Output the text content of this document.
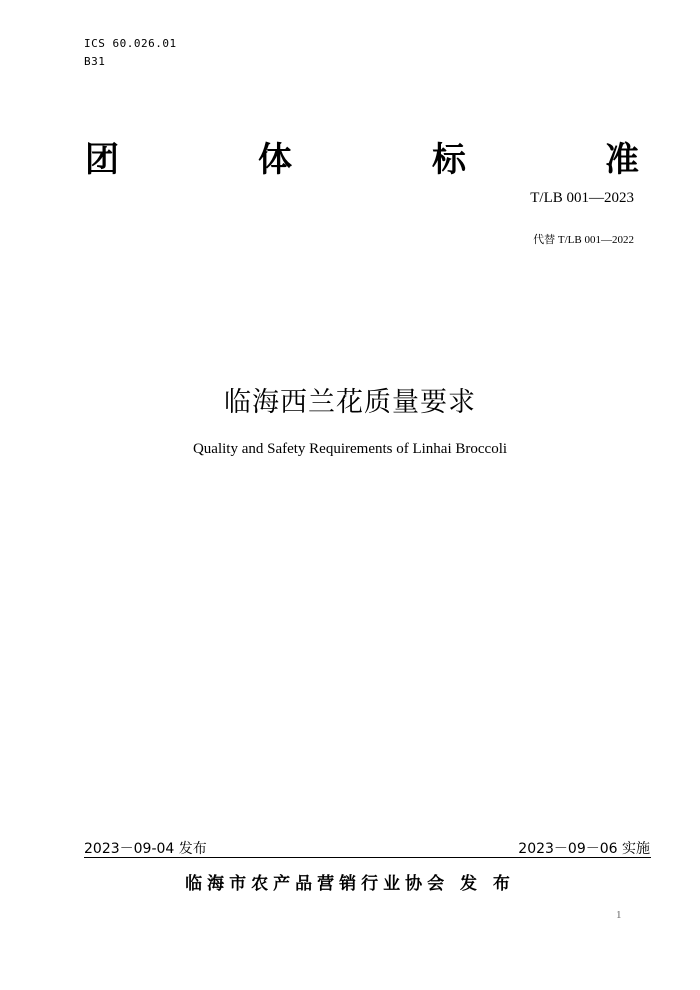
ICS 60.026.01
B31
团	体	标	准
T/LB 001—2023
代替 T/LB 001—2022
临海西兰花质量要求
Quality and Safety Requirements of Linhai Broccoli
2023－09-04 发布	2023－09－06 实施
临海市农产品营销行业协会 发 布
1
